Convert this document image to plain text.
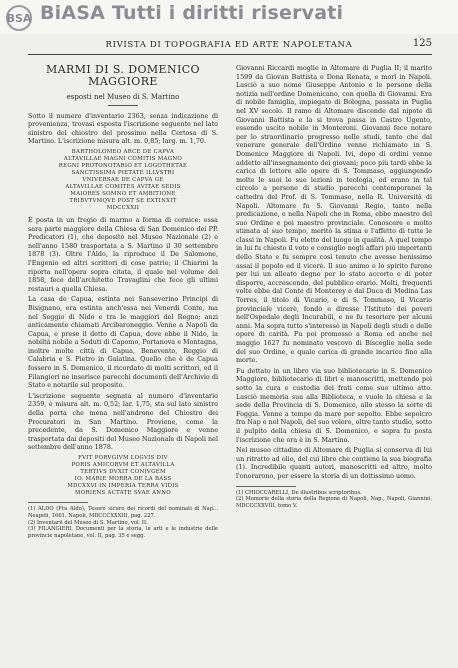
BSA BiASA Tutti i diritti riservati
RIVISTA DI TOPOGRAFIA ED ARTE NAPOLETANA	125
MARMI DI S. DOMENICO MAGGIORE
esposti nel Museo di S. Martino

Sotto il numero d'inventario 2363, senza indicazione di provenienza, trovasi esposta l'iscrizione seguente nel lato sinistro del chiostro del prossimo nella Certosa di S. Martino. L'iscrizione misura alt. m. 0,85; larg. m. 1,70.

BARTHOLOMEO ARCE DE CAPVA
ALTAVILLAE MAGNI COMITIS MAGNO
REGNI PROTONOTARIO ET LOGOTHETAE
SANCTISSIMA PIETATE ILLVSTRI
VNIVERSAE DE CAPVA GE
ALTAVILLAE COMITES AVITAE SEDIS
MAIORES SOMNO ET AMBITIONE
TRIBVTVMQVE POST SE EXTINXIT
MDCCXXII

È posta in un fregio di marmo a forma di cornice: essa sara parte maggiore della Chiesa di San Domenico dei PP. Predicatori (1), che depositò nel Museo Nazionale (2) e nell'anno 1580 trasportata a S. Martino il 30 settembre 1878 (3). Oltre l'Aldo, la riproduce il De Salomone, l'Engenio ed altri scrittori di cose patrie; il Chiarini la riporta nell'opera sopra citata, il quale nel volume del 1858, fece dell'architetto Travaglini che fece gli ultimi restauri a quella Chiesa.

La casa de Capua, estinta nei Sanseverino Principi di Bisignano, era estinta anch'essa nei Venerdi Conte, ma nel Seggio di Nido e tra le maggiori del Regno; anzi anticamente chiamati Arcibaroneggio. Venne a Napoli da Capua, e prese il detto di Capua, dove ebbe il Nido, la nobiltà nobile a Seduti di Capomo, Portanova e Montagna, inoltre molte città di Capua, Benevento, Reggio di Calabria e S. Pietro in Galatina. Quello che è de Capua fossero in S. Domenico, il ricordato di molti scrittori, ed il Filangieri ne inserisce parecchi documenti dell'Archivio di Stato e notarile sul proposito.

L'iscrizione seguente segnata al numero d'inventario 2359, è misura alt. m. 0,52; lar. 1,75, sta sul lato sinistro della porta che mena nell'androne del Chiostro dei Procuratori in San Martino. Proviene, come la precedente, da S. Domenico Maggiore e venne trasportata dai depositi del Museo Nazionale di Napoli nel settembre dell'anno 1878.

FVIT PORVGIVM LOGVIS DIV
PORIS AMICORVM ET ALTAVILLA
TERTIVS DVXIT CONIVGEM
IO. MARIE MORRA DE LA BASS
MDCXXVI IN IMPERIA TERRA VIDIS
MORIENS ACTATE SVAE ANNO
(1) ALDO (Fra Aldo), Tesoro sicuro dei ricordi del nominati di Nap... Neapoli, 1661. Napoli, MDCCCXXXIII, pag. 227.
(2) Inventarii del Museo di S. Martino, vol. II.
(3) FILANGIERI, Documenti per la storia, le arti e le industrie delle provincie napoletane, vol. II, pag. 35 e segg.

Giovanni Riccardi moglie in Altomare di Puglia II; il marito 1599 da Giovan Battista e Dona Renata, e morì in Napoli. Lasciò a suo nome Giuseppe Antonio e le persone della notizia nell'ordine Domenicano, con quella di Giovanni. Era di nobile famiglia, impiegato di Bologna, passata in Puglia nel XV secolo. Il ramo di Altomare discende dal nipote di Giovanni Battista e la si trova passa in Castro Ugento, essendo uscito nobile in Monteroni. Giovanni fece notare per lo straordinario progresso nelle studi, tanto che dal venerare generale dell'Ordine venne richiamato in S. Domenico Maggiore di Napoli. Ivi, dopo di ordini venne addetto all'insegnamento dei giovani; poco più tardi ebbe la carica di lettore alle opere di S. Tommaso, aggiungendo molte le suoi le sue lezioni in teologia, ed erano in tal circolo a persone di studio parecchi contemporanei la cattedra del Prof. di S. Tommaso, nella R. Università di Napoli. Altomare fu S. Giovanni Regio, tanto nella predicazione, e nella Napoli che in Roma, ebbe maestro del suo Ordine e poi maestro provinciale. Conoscere e molto stimata al suo tempo, meritò la stima e l'affetto di tutte le classi in Napoli. Fu eletto del luogo in qualità. A quel tempo in lui fu chiesto il voto e consiglio negli affari più importanti dello Stato e fu sempre così tenuto che avesse benissimo assai il popolo ed il vicerè. Il suo animo e lo spirito furono per lui un alleato degno per lo stato accorto e di poter disporre, accrescendo, del pubblico erario. Molti, frequenti volte ebbe dal Conte di Monterey e dal Duca di Medina Las Torres, il titolo di Vicario, e di S. Tommaso, il Vicario provinciale vicerè, fondò e diresse l'Istituto dei poveri nell'Ospedale degli Incurabili, e ne fu tesoriere per alcuni anni. Ma sopra tutto s'interessò in Napoli degli studi e delle opere di carità. Fu poi promosso a Roma ed anche nel maggio 1627 fu nominato vescovo di Bisceglie nella sede del suo Ordine, e quale carica di grande incarico fino alla morte.

Fu dettato in un libro via suo bibliotecario in S. Domenico Maggiore, bibliotecario di libri e manoscritti, mettendo poi sotto la cura e custodia dei frati come suo ultimo atto. Lasciò memoria sua alla Biblioteca, e vuole la chiesa e la sede della Provincia di S. Domenico, allo stesso la sorte di Foggia. Venne a tempo da mare per sepolto. Ebbe sepolcro fra Nap e nel Napoli, del suo volere, oltre tanto studio, sotto il pulpito della chiesa di S. Domenico, e sopra fu posta l'iscrizione che ora è in S. Martino.

Nel museo cittadino di Altomare di Puglia si conserva di lui un ritratto ad olio, del cui libro che contiene la sua biografia (1). Incredibile quanti autori, manoscritti ed altro, molto l'onorarono, per essere la storia di un dottissimo uomo.

(1) CHIOCCARELLI, De illustribus scriptoribus.
(2) Memorie della storia della Regione di Napoli, Nap., Napoli, Giannini, MDCCCXXVIII, tomo V.
